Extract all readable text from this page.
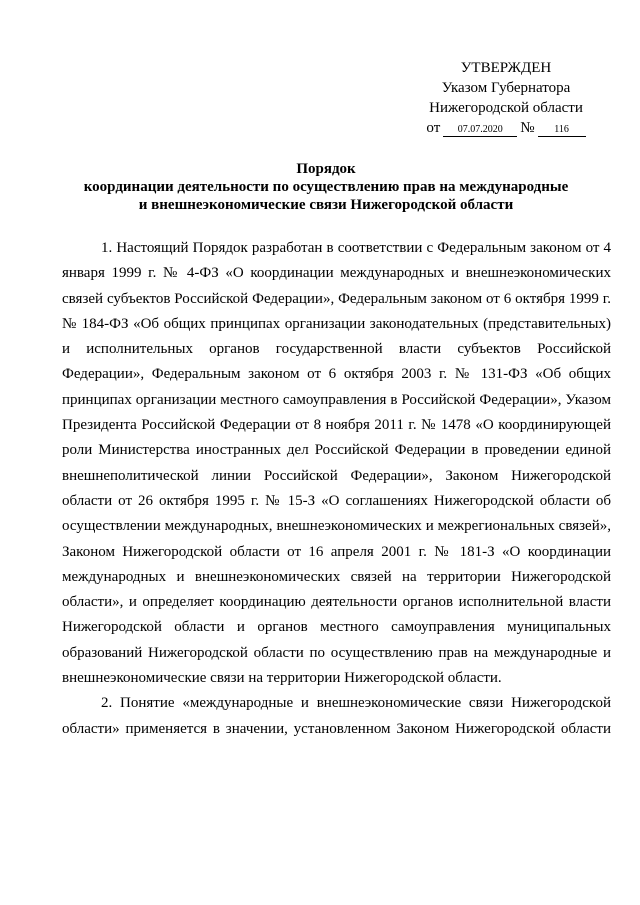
УТВЕРЖДЕН
Указом Губернатора
Нижегородской области
от	07.07.2020	№	116
Порядок
координации деятельности по осуществлению прав на международные
и внешнеэкономические связи Нижегородской области

1. Настоящий Порядок разработан в соответствии с Федеральным законом от 4 января 1999 г. № 4-ФЗ «О координации международных и внешнеэкономических связей субъектов Российской Федерации», Федеральным законом от 6 октября 1999 г. № 184-ФЗ «Об общих принципах организации законодательных (представительных) и исполнительных органов государственной власти субъектов Российской Федерации», Федеральным законом от 6 октября 2003 г. № 131-ФЗ «Об общих принципах организации местного самоуправления в Российской Федерации», Указом Президента Российской Федерации от 8 ноября 2011 г. № 1478 «О координирующей роли Министерства иностранных дел Российской Федерации в проведении единой внешнеполитической линии Российской Федерации», Законом Нижегородской области от 26 октября 1995 г. № 15-З «О соглашениях Нижегородской области об осуществлении международных, внешнеэкономических и межрегиональных связей», Законом Нижегородской области от 16 апреля 2001 г. № 181-З «О координации международных и внешнеэкономических связей на территории Нижегородской области», и определяет координацию деятельности органов исполнительной власти Нижегородской области и органов местного самоуправления муниципальных образований Нижегородской области по осуществлению прав на международные и внешнеэкономические связи на территории Нижегородской области.

2. Понятие «международные и внешнеэкономические связи Нижегородской области» применяется в значении, установленном Законом Нижегородской области
